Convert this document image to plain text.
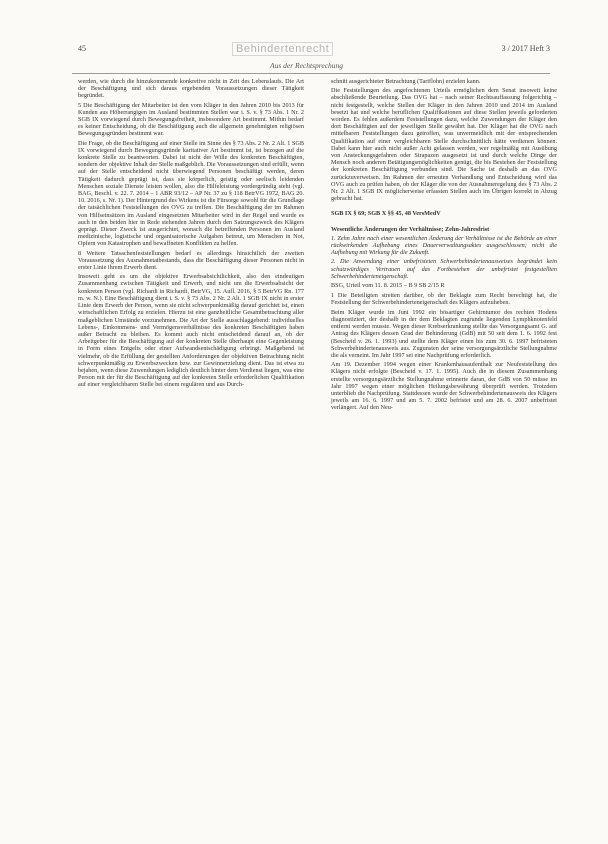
45	Behindertenrecht	3 / 2017 Heft 3
Aus der Rechtsprechung

werden, wie durch die hinzukommende konkretive nicht in Zeit des Lebenslaufs. Die Art der Beschäftigung und sich daraus ergebenden Voraussetzungen dieser Tätigkeit begründet.

5 Die Beschäftigung der Mitarbeiter ist den vom Kläger in den Jahren 2010 bis 2013 für Kunden aus Höherrangigen im Ausland bestimmten Stellen war i. S. v. § 73 Abs. 1 Nr. 2 SGB IX vorwiegend durch Bewegungsfreiheit, insbesondere Art bestimmt. Mithin bedarf es keiner Entscheidung, ob die Beschäftigung auch die allgemein genehmigten religiösen Bewegungsgründen bestimmt war.

Die Frage, ob die Beschäftigung auf einer Stelle im Sinne des § 73 Abs. 2 Nr. 2 Alt. 1 SGB IX vorwiegend durch Bewegungsgründe karitativer Art bestimmt ist, ist bezogen auf die konkrete Stelle zu beantworten. Dabei ist nicht der Wille des konkreten Beschäftigten, sondern der objektive Inhalt der Stelle maßgeblich. Die Voraussetzungen sind erfüllt, wenn auf der Stelle entscheidend nicht überwiegend Personen beschäftigt werden, deren Tätigkeit dadurch geprägt ist, dass sie körperlich, geistig oder seelisch leidenden Menschen soziale Dienste leisten wollen, also die Hilfeleistung vordergründig steht (vgl. BAG, Beschl. v. 22. 7. 2014 – 1 ABR 93/12 – AP Nr. 37 zu § 118 BetrVG 1972, BAG 20. 10. 2016, s. Nr. 1). Der Hintergrund des Wirkens ist die Fürsorge sowohl für die Grundlage der tatsächlichen Feststellungen des OVG zu treffen. Die Beschäftigung der im Rahmen von Hilfseinsätzen im Ausland eingesetzten Mitarbeiter wird in der Regel und wurde es auch in den beiden hier in Rede stehenden Jahren durch den Satzungszweck des Klägers geprägt. Dieser Zweck ist ausgerichtet, wonach die betreffenden Personen im Ausland medizinische, logistische und organisatorische Aufgaben betreut, um Menschen in Not, Opfern von Katastrophen und bewaffneten Konflikten zu helfen.

8 Weitere Tatsachenfeststellungen bedarf es allerdings hinsichtlich der zweiten Voraussetzung des Ausnahmetatbestands, dass die Beschäftigung dieser Personen nicht in erster Linie ihrem Erwerb dient.

Insoweit geht es um die objektive Erwerbsabsichtlichkeit, also den eindeutigen Zusammenhang zwischen Tätigkeit und Erwerb, und nicht um die Erwerbsabsicht der konkreten Person (vgl. Richardi in Richardi, BetrVG, 15. Aufl. 2016, § 5 BetrVG Rn. 177 m. w. N.). Eine Beschäftigung dient i. S. v. § 73 Abs. 2 Nr. 2 Alt. 1 SGB IX nicht in erster Linie dem Erwerb der Person, wenn sie nicht schwerpunktmäßig darauf gerichtet ist, einen wirtschaftlichen Erfolg zu erzielen. Hierzu ist eine ganzheitliche Gesamtbetrachtung aller maßgeblichen Umstände vorzunehmen. Die Art der Stelle ausschlaggebend: individuelles Lebens-, Einkommens- und Vermögensverhältnisse des konkreten Beschäftigten haben außer Betracht zu bleiben. Es kommt auch nicht entscheidend darauf an, ob der Arbeitgeber für die Beschäftigung auf der konkreten Stelle überhaupt eine Gegenleistung in Form eines Entgelts oder einer Aufwandsentschädigung erbringt. Maßgebend ist vielmehr, ob die Erfüllung der gestellten Anforderungen der objektiven Betrachtung nicht schwerpunktmäßig zu Erwerbszwecken bzw. zur Gewinnerzielung dient. Das ist etwa zu bejahen, wenn diese Zuwendungen lediglich deutlich hinter dem Verdienst liegen, was eine Person mit der für die Beschäftigung auf der konkreten Stelle erforderlichen Qualifikation auf einer vergleichbaren Stelle bei einem regulären und aus Durch-

schnitt ausgerichteter Betrachtung (Tariflohn) erzielen kann.

Die Feststellungen des angefochtenen Urteils ermöglichen dem Senat insoweit keine abschließende Beurteilung. Das OVG hat – nach seiner Rechtsauffassung folgerichtig – nicht festgestellt, welche Stellen der Kläger in den Jahren 2010 und 2014 im Ausland besetzt hat und welche beruflichen Qualifikationen auf diese Stellen jeweils geforderten worden. Es fehlen außerdem Feststellungen dazu, welche Zuwendungen der Kläger den dort Beschäftigten auf der jeweiligen Stelle gewährt hat. Der Kläger hat die OVG nach mittelbaren Feststellungen dazu getroffen, was unvermeidlich mit der entsprechenden Qualifikation auf einer vergleichbaren Stelle durchschnittlich hätte verdienen können. Dabei kann hier auch nicht außer Acht gelassen werden, wer regelmäßig mit Ausübung von Ansteckungsgefahren oder Strapazen ausgesetzt ist und durch welche Dinge der Mensch noch anderen Betätigungsmöglichkeiten genügt, die bis Bestehen der Feststellung der konkreten Beschäftigung verbunden sind. Die Sache ist deshalb an das OVG zurückzuverweisen. Im Rahmen der erneuten Verhandlung und Entscheidung wird das OVG auch zu prüfen haben, ob der Kläger die von der Ausnahmeregelung des § 73 Abs. 2 Nr. 2 Alt. 1 SGB IX möglicherweise erfassten Stellen auch im Übrigen korrekt in Abzug gebracht hat.

SGB IX § 69; SGB X §§ 45, 48 VersMedV

Wesentliche Änderungen der Verhältnisse; Zehn-Jahresfrist

1. Zehn Jahre nach einer wesentlichen Änderung der Verhältnisse ist die Behörde an einer rückwirkenden Aufhebung eines Dauerverwaltungsaktes ausgeschlossen; nicht die Aufhebung mit Wirkung für die Zukunft.

2. Die Anwendung einer unbefristeten Schwerbehindertenausweises begründet kein schutzwürdiges Vertrauen auf das Fortbestehen der unbefristet festgestellten Schwerbehinderteneigenschaft.

BSG, Urteil vom 11. 8. 2015 – B 9 SB 2/15 R

1 Die Beteiligten streiten darüber, ob der Beklagte zum Recht berechtigt hat, die Feststellung der Schwerbehinderteneigenschaft des Klägers aufzuheben.

Beim Kläger wurde im Juni 1992 ein bösartiger Gehirntumor des rechten Hodens diagnostiziert, der deshalb in der dem Beklagten zugrunde liegenden Lymphknotenfeld entfernt werden musste. Wegen dieser Krebserkrankung stellte das Versorgungsamt G. auf Antrag des Klägers dessen Grad der Behinderung (GdB) mit 50 seit dem 1. 6. 1992 fest (Bescheid v. 26. 1. 1993) und stellte dem Kläger einen bis zum 30. 6. 1997 befristeten Schwerbehindertenausweis aus. Zugunsten der seine versorgungsärztliche Stellungnahme die als verneint. Im Jahr 1997 sei eine Nachprüfung erforderlich.

Am 19. Dezember 1994 wegen einer Krankenhausaufenthalt zur Neufeststellung des Klägers nicht erfolgte (Bescheid v. 17. 1. 1995). Auch die in diesem Zusammenhang erstellte versorgungsärztliche Stellungnahme erinnerte daran, der GdB von 50 müsse im Jahr 1997 wegen einer möglichen Heilungsbewährung überprüft werden. Trotzdem unterblieb die Nachprüfung. Stattdessen wurde der Schwerbehindertenausweis des Klägers jeweils am 16. 6. 1997 und am 5. 7. 2002 befristet und am 28. 6. 2007 unbefristet verlängert. Auf den Neu-
